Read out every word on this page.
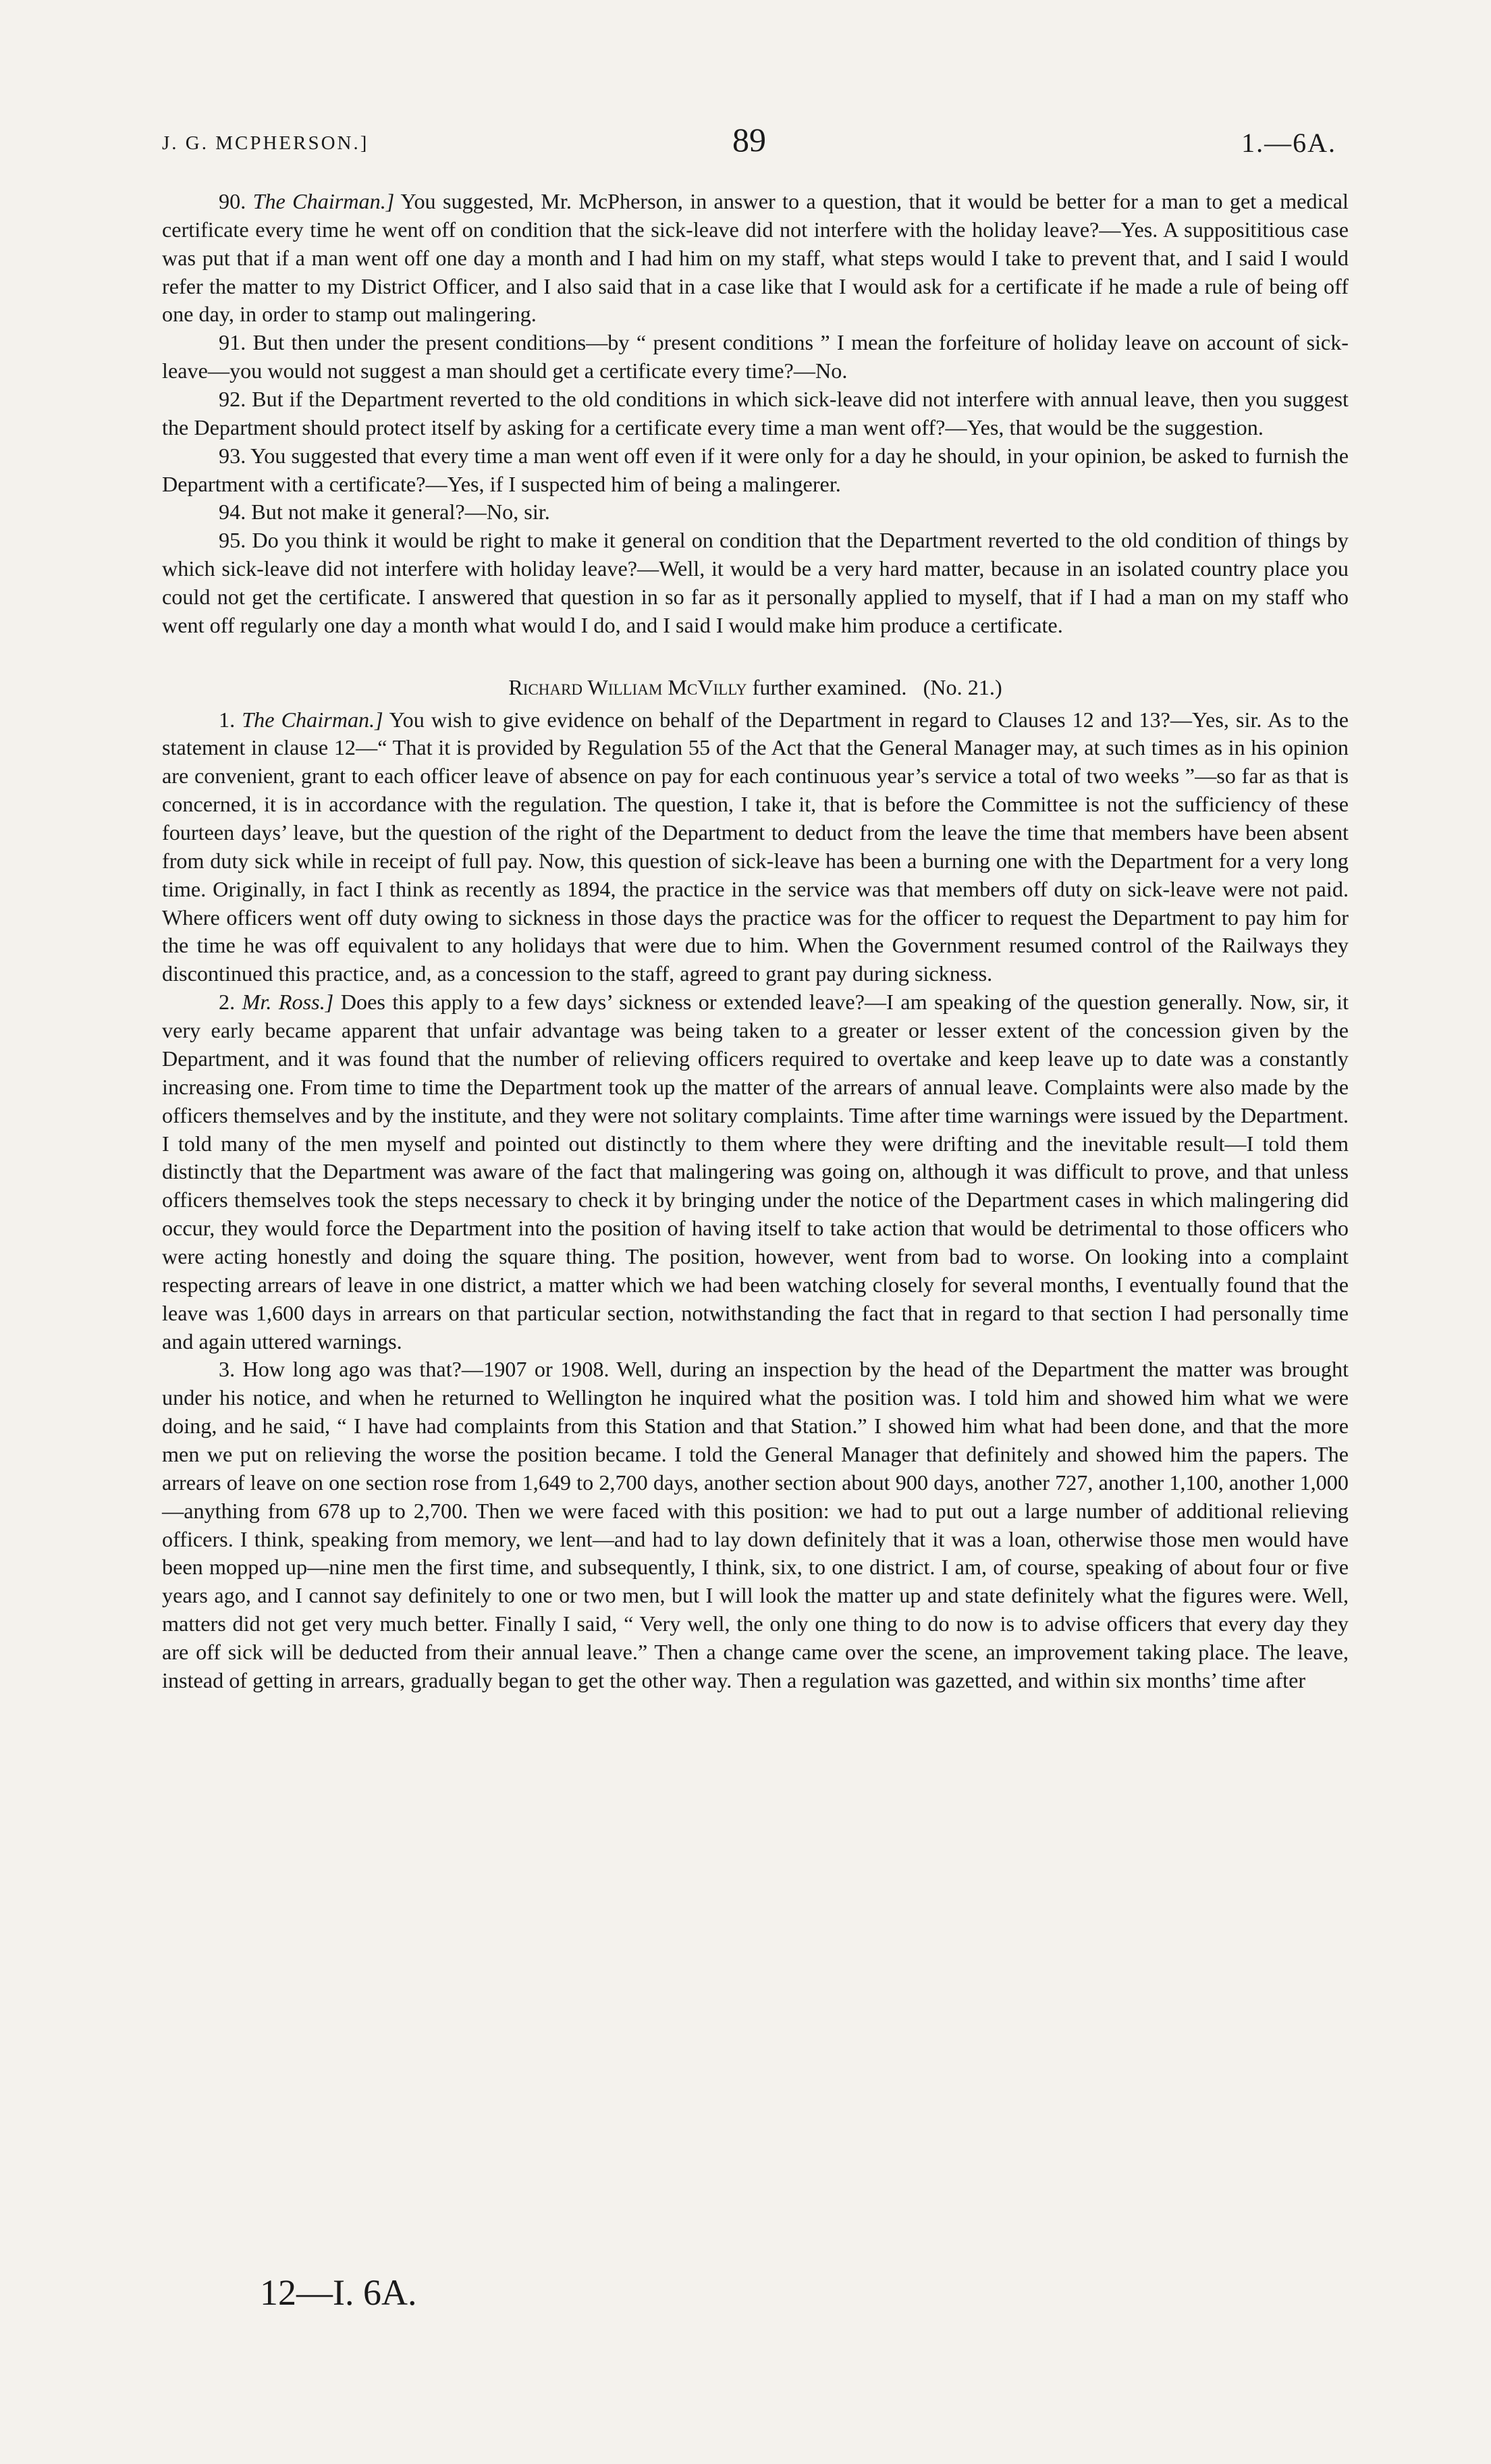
J. G. MCPHERSON.]	89	1.—6A.

90. The Chairman.] You suggested, Mr. McPherson, in answer to a question, that it would be better for a man to get a medical certificate every time he went off on condition that the sick-leave did not interfere with the holiday leave?—Yes. A supposititious case was put that if a man went off one day a month and I had him on my staff, what steps would I take to prevent that, and I said I would refer the matter to my District Officer, and I also said that in a case like that I would ask for a certificate if he made a rule of being off one day, in order to stamp out malingering.

91. But then under the present conditions—by “ present conditions ” I mean the forfeiture of holiday leave on account of sick-leave—you would not suggest a man should get a certificate every time?—No.

92. But if the Department reverted to the old conditions in which sick-leave did not interfere with annual leave, then you suggest the Department should protect itself by asking for a certificate every time a man went off?—Yes, that would be the suggestion.

93. You suggested that every time a man went off even if it were only for a day he should, in your opinion, be asked to furnish the Department with a certificate?—Yes, if I suspected him of being a malingerer.

94. But not make it general?—No, sir.

95. Do you think it would be right to make it general on condition that the Department reverted to the old condition of things by which sick-leave did not interfere with holiday leave?—Well, it would be a very hard matter, because in an isolated country place you could not get the certificate. I answered that question in so far as it personally applied to myself, that if I had a man on my staff who went off regularly one day a month what would I do, and I said I would make him produce a certificate.

Richard William McVilly further examined. (No. 21.)

1. The Chairman.] You wish to give evidence on behalf of the Department in regard to Clauses 12 and 13?—Yes, sir. As to the statement in clause 12—“ That it is provided by Regulation 55 of the Act that the General Manager may, at such times as in his opinion are convenient, grant to each officer leave of absence on pay for each continuous year’s service a total of two weeks ”—so far as that is concerned, it is in accordance with the regulation. The question, I take it, that is before the Committee is not the sufficiency of these fourteen days’ leave, but the question of the right of the Department to deduct from the leave the time that members have been absent from duty sick while in receipt of full pay. Now, this question of sick-leave has been a burning one with the Department for a very long time. Originally, in fact I think as recently as 1894, the practice in the service was that members off duty on sick-leave were not paid. Where officers went off duty owing to sickness in those days the practice was for the officer to request the Department to pay him for the time he was off equivalent to any holidays that were due to him. When the Government resumed control of the Railways they discontinued this practice, and, as a concession to the staff, agreed to grant pay during sickness.

2. Mr. Ross.] Does this apply to a few days’ sickness or extended leave?—I am speaking of the question generally. Now, sir, it very early became apparent that unfair advantage was being taken to a greater or lesser extent of the concession given by the Department, and it was found that the number of relieving officers required to overtake and keep leave up to date was a constantly increasing one. From time to time the Department took up the matter of the arrears of annual leave. Complaints were also made by the officers themselves and by the institute, and they were not solitary complaints. Time after time warnings were issued by the Department. I told many of the men myself and pointed out distinctly to them where they were drifting and the inevitable result—I told them distinctly that the Department was aware of the fact that malingering was going on, although it was difficult to prove, and that unless officers themselves took the steps necessary to check it by bringing under the notice of the Department cases in which malingering did occur, they would force the Department into the position of having itself to take action that would be detrimental to those officers who were acting honestly and doing the square thing. The position, however, went from bad to worse. On looking into a complaint respecting arrears of leave in one district, a matter which we had been watching closely for several months, I eventually found that the leave was 1,600 days in arrears on that particular section, notwithstanding the fact that in regard to that section I had personally time and again uttered warnings.

3. How long ago was that?—1907 or 1908. Well, during an inspection by the head of the Department the matter was brought under his notice, and when he returned to Wellington he inquired what the position was. I told him and showed him what we were doing, and he said, “ I have had complaints from this Station and that Station.” I showed him what had been done, and that the more men we put on relieving the worse the position became. I told the General Manager that definitely and showed him the papers. The arrears of leave on one section rose from 1,649 to 2,700 days, another section about 900 days, another 727, another 1,100, another 1,000—anything from 678 up to 2,700. Then we were faced with this position: we had to put out a large number of additional relieving officers. I think, speaking from memory, we lent—and had to lay down definitely that it was a loan, otherwise those men would have been mopped up—nine men the first time, and subsequently, I think, six, to one district. I am, of course, speaking of about four or five years ago, and I cannot say definitely to one or two men, but I will look the matter up and state definitely what the figures were. Well, matters did not get very much better. Finally I said, “ Very well, the only one thing to do now is to advise officers that every day they are off sick will be deducted from their annual leave.” Then a change came over the scene, an improvement taking place. The leave, instead of getting in arrears, gradually began to get the other way. Then a regulation was gazetted, and within six months’ time after

12—I. 6A.
